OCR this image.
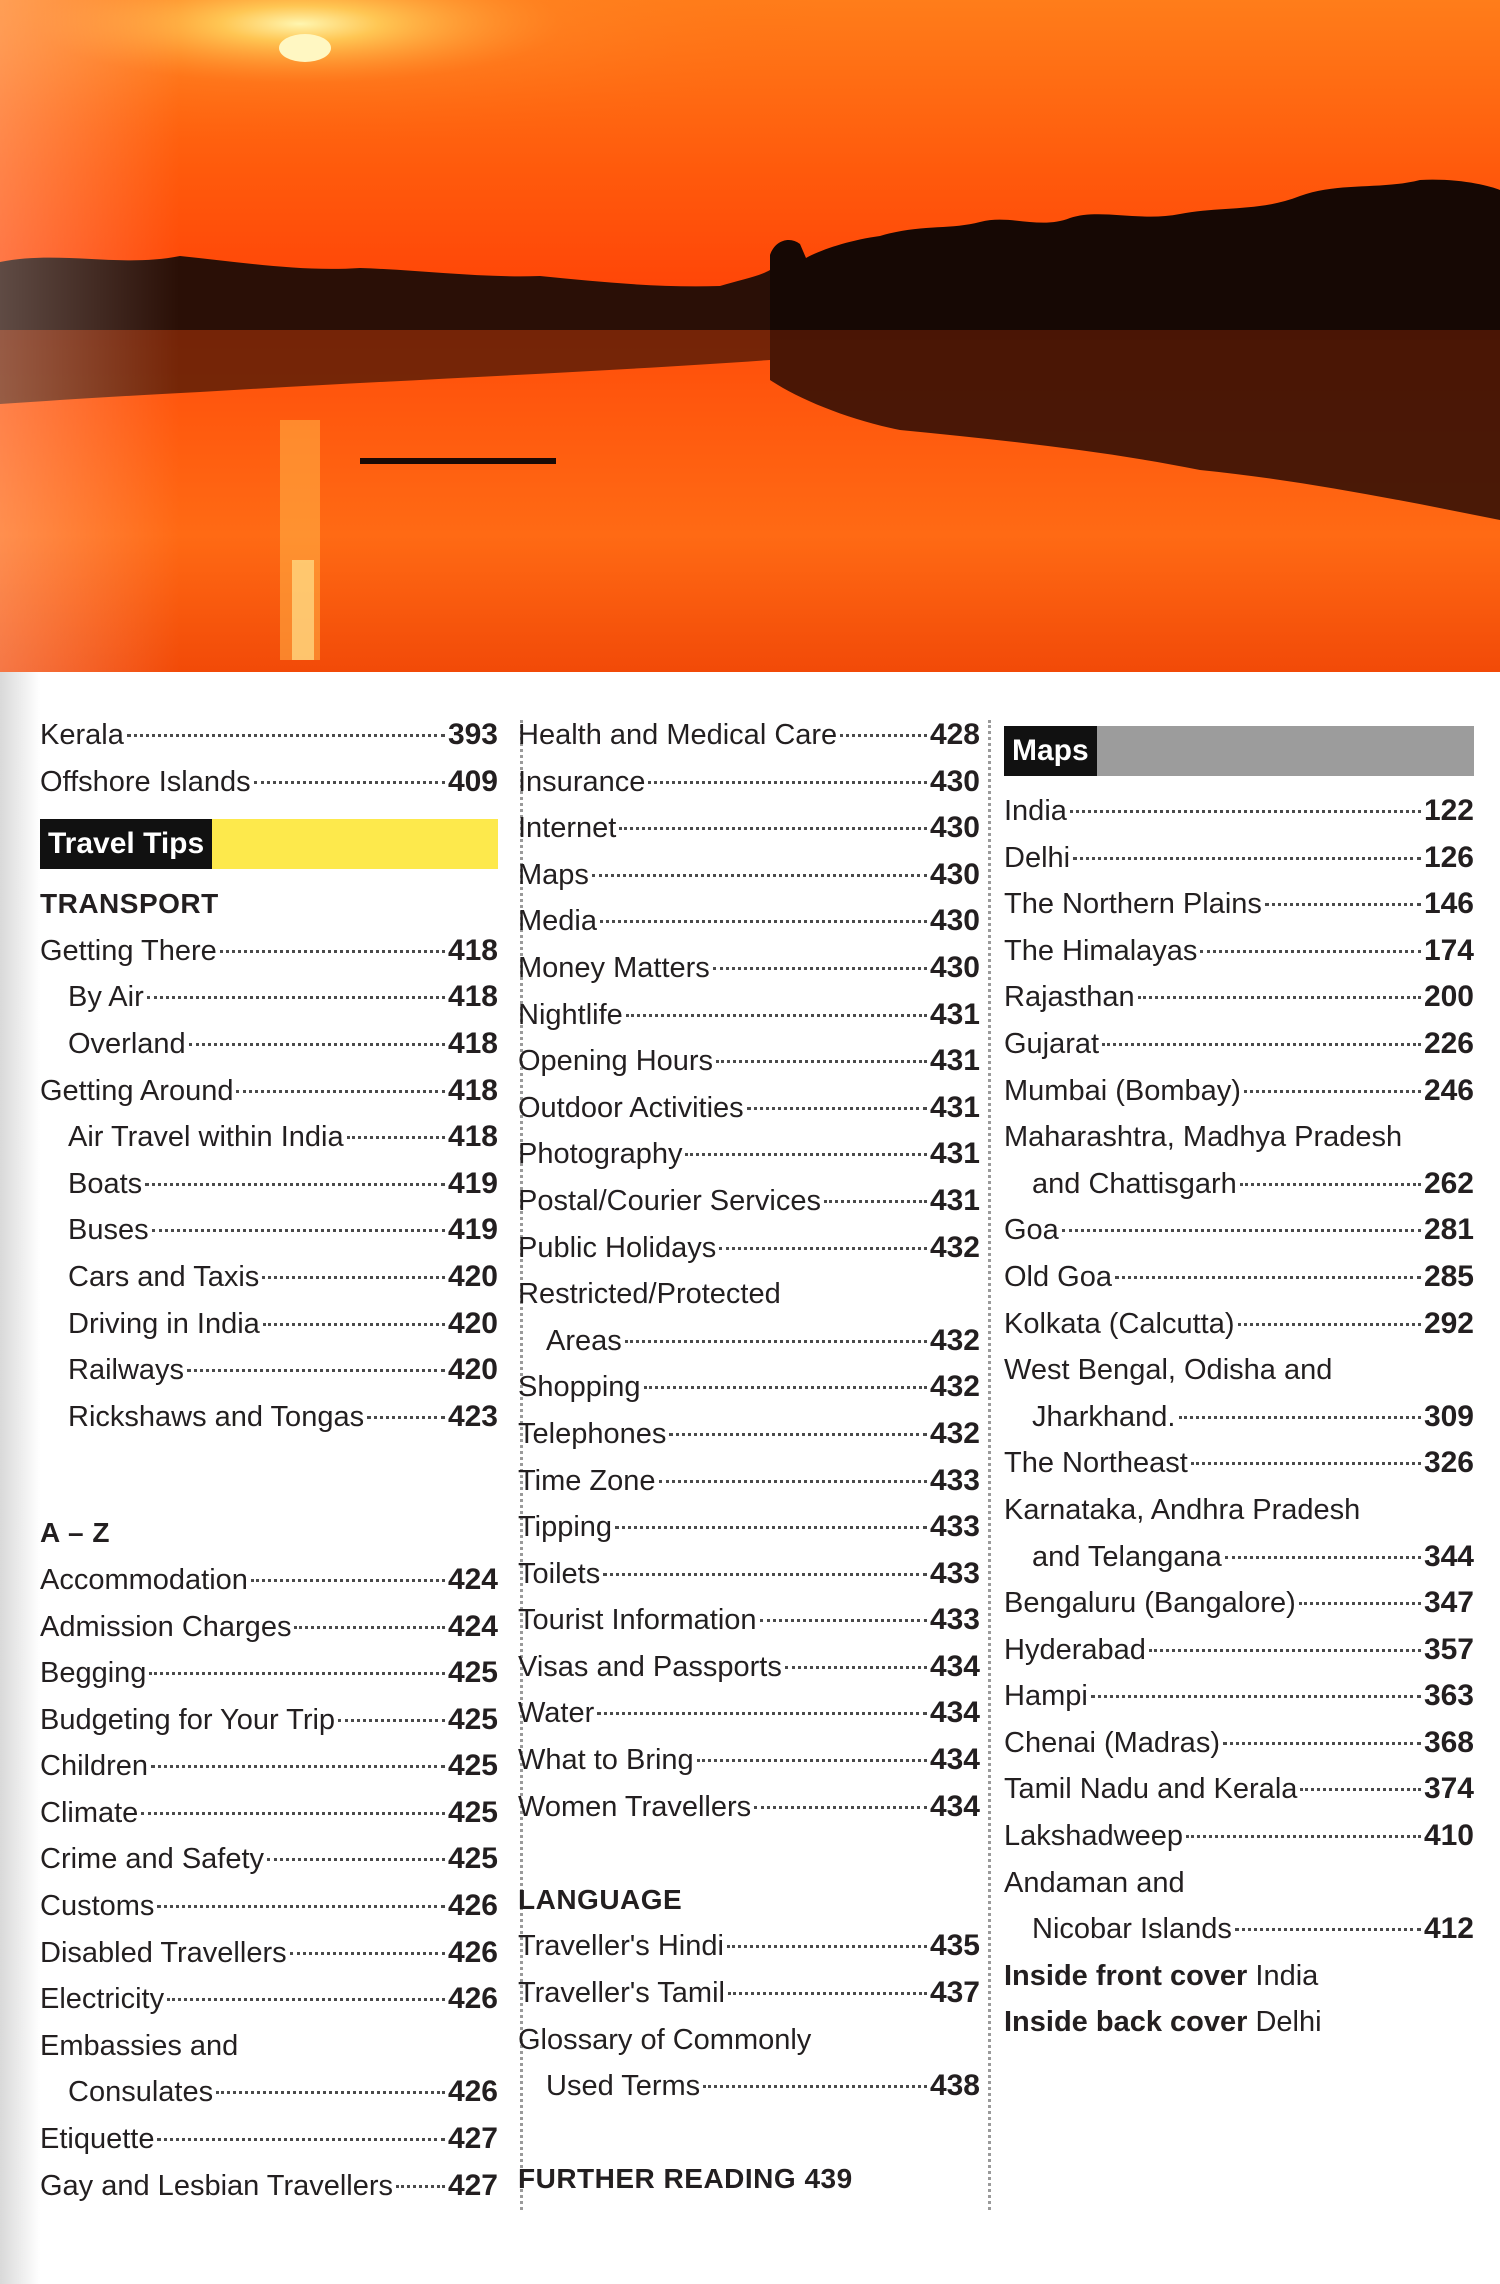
Kerala	393
Offshore Islands	409
Travel Tips
TRANSPORT
Getting There	418
By Air	418
Overland	418
Getting Around	418
Air Travel within India	418
Boats	419
Buses	419
Cars and Taxis	420
Driving in India	420
Railways	420
Rickshaws and Tongas	423
A – Z
Accommodation	424
Admission Charges	424
Begging	425
Budgeting for Your Trip	425
Children	425
Climate	425
Crime and Safety	425
Customs	426
Disabled Travellers	426
Electricity	426
Embassies and
Consulates	426
Etiquette	427
Gay and Lesbian Travellers 427
Health and Medical Care	428
Insurance	430
Internet	430
Maps	430
Media	430
Money Matters	430
Nightlife	431
Opening Hours	431
Outdoor Activities	431
Photography	431
Postal/Courier Services	431
Public Holidays	432
Restricted/Protected
Areas	432
Shopping	432
Telephones	432
Time Zone	433
Tipping	433
Toilets	433
Tourist Information	433
Visas and Passports	434
Water	434
What to Bring	434
Women Travellers	434
LANGUAGE
Traveller's Hindi	435
Traveller's Tamil	437
Glossary of Commonly
Used Terms	438
FURTHER READING 439
Maps
India	122
Delhi	126
The Northern Plains	146
The Himalayas	174
Rajasthan	200
Gujarat	226
Mumbai (Bombay)	246
Maharashtra, Madhya Pradesh
and Chattisgarh	262
Goa	281
Old Goa	285
Kolkata (Calcutta)	292
West Bengal, Odisha and
Jharkhand.	309
The Northeast	326
Karnataka, Andhra Pradesh
and Telangana	344
Bengaluru (Bangalore)	347
Hyderabad	357
Hampi	363
Chenai (Madras)	368
Tamil Nadu and Kerala	374
Lakshadweep	410
Andaman and
Nicobar Islands	412
Inside front cover India
Inside back cover Delhi
